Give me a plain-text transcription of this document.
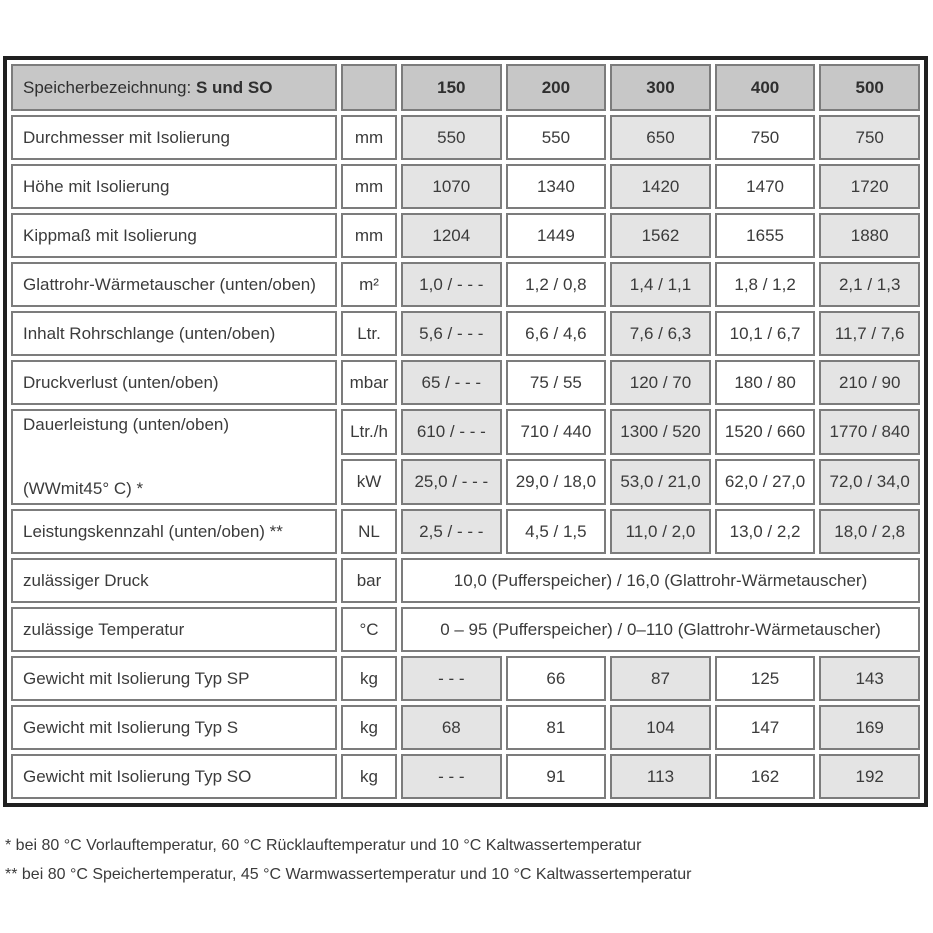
Speicherbezeichnung: S und SO		150	200	300	400	500
Durchmesser mit Isolierung	mm	550	550	650	750	750
Höhe mit Isolierung	mm	1070	1340	1420	1470	1720
Kippmaß mit Isolierung	mm	1204	1449	1562	1655	1880
Glattrohr-Wärmetauscher (unten/oben)	m²	1,0 / - - -	1,2 / 0,8	1,4 / 1,1	1,8 / 1,2	2,1 / 1,3
Inhalt Rohrschlange (unten/oben)	Ltr.	5,6 / - - -	6,6 / 4,6	7,6 / 6,3	10,1 / 6,7	11,7 / 7,6
Druckverlust (unten/oben)	mbar	65 / - - -	75 / 55	120 / 70	180 / 80	210 / 90

Dauerleistung (unten/oben)
(WWmit45° C) *	Ltr./h	610 / - - -	710 / 440	1300 / 520	1520 / 660	1770 / 840
	kW	25,0 / - - -	29,0 / 18,0	53,0 / 21,0	62,0 / 27,0	72,0 / 34,0
Leistungskennzahl (unten/oben) **	NL	2,5 / - - -	4,5 / 1,5	11,0 / 2,0	13,0 / 2,2	18,0 / 2,8
zulässiger Druck	bar	10,0 (Pufferspeicher) / 16,0 (Glattrohr-Wärmetauscher)				
zulässige Temperatur	°C	0 – 95 (Pufferspeicher) / 0–110 (Glattrohr-Wärmetauscher)				
Gewicht mit Isolierung Typ SP	kg	- - -	66	87	125	143
Gewicht mit Isolierung Typ S	kg	68	81	104	147	169
Gewicht mit Isolierung Typ SO	kg	- - -	91	113	162	192

* bei 80 °C Vorlauftemperatur, 60 °C Rücklauftemperatur und 10 °C Kaltwassertemperatur

** bei 80 °C Speichertemperatur, 45 °C Warmwassertemperatur und 10 °C Kaltwassertemperatur
